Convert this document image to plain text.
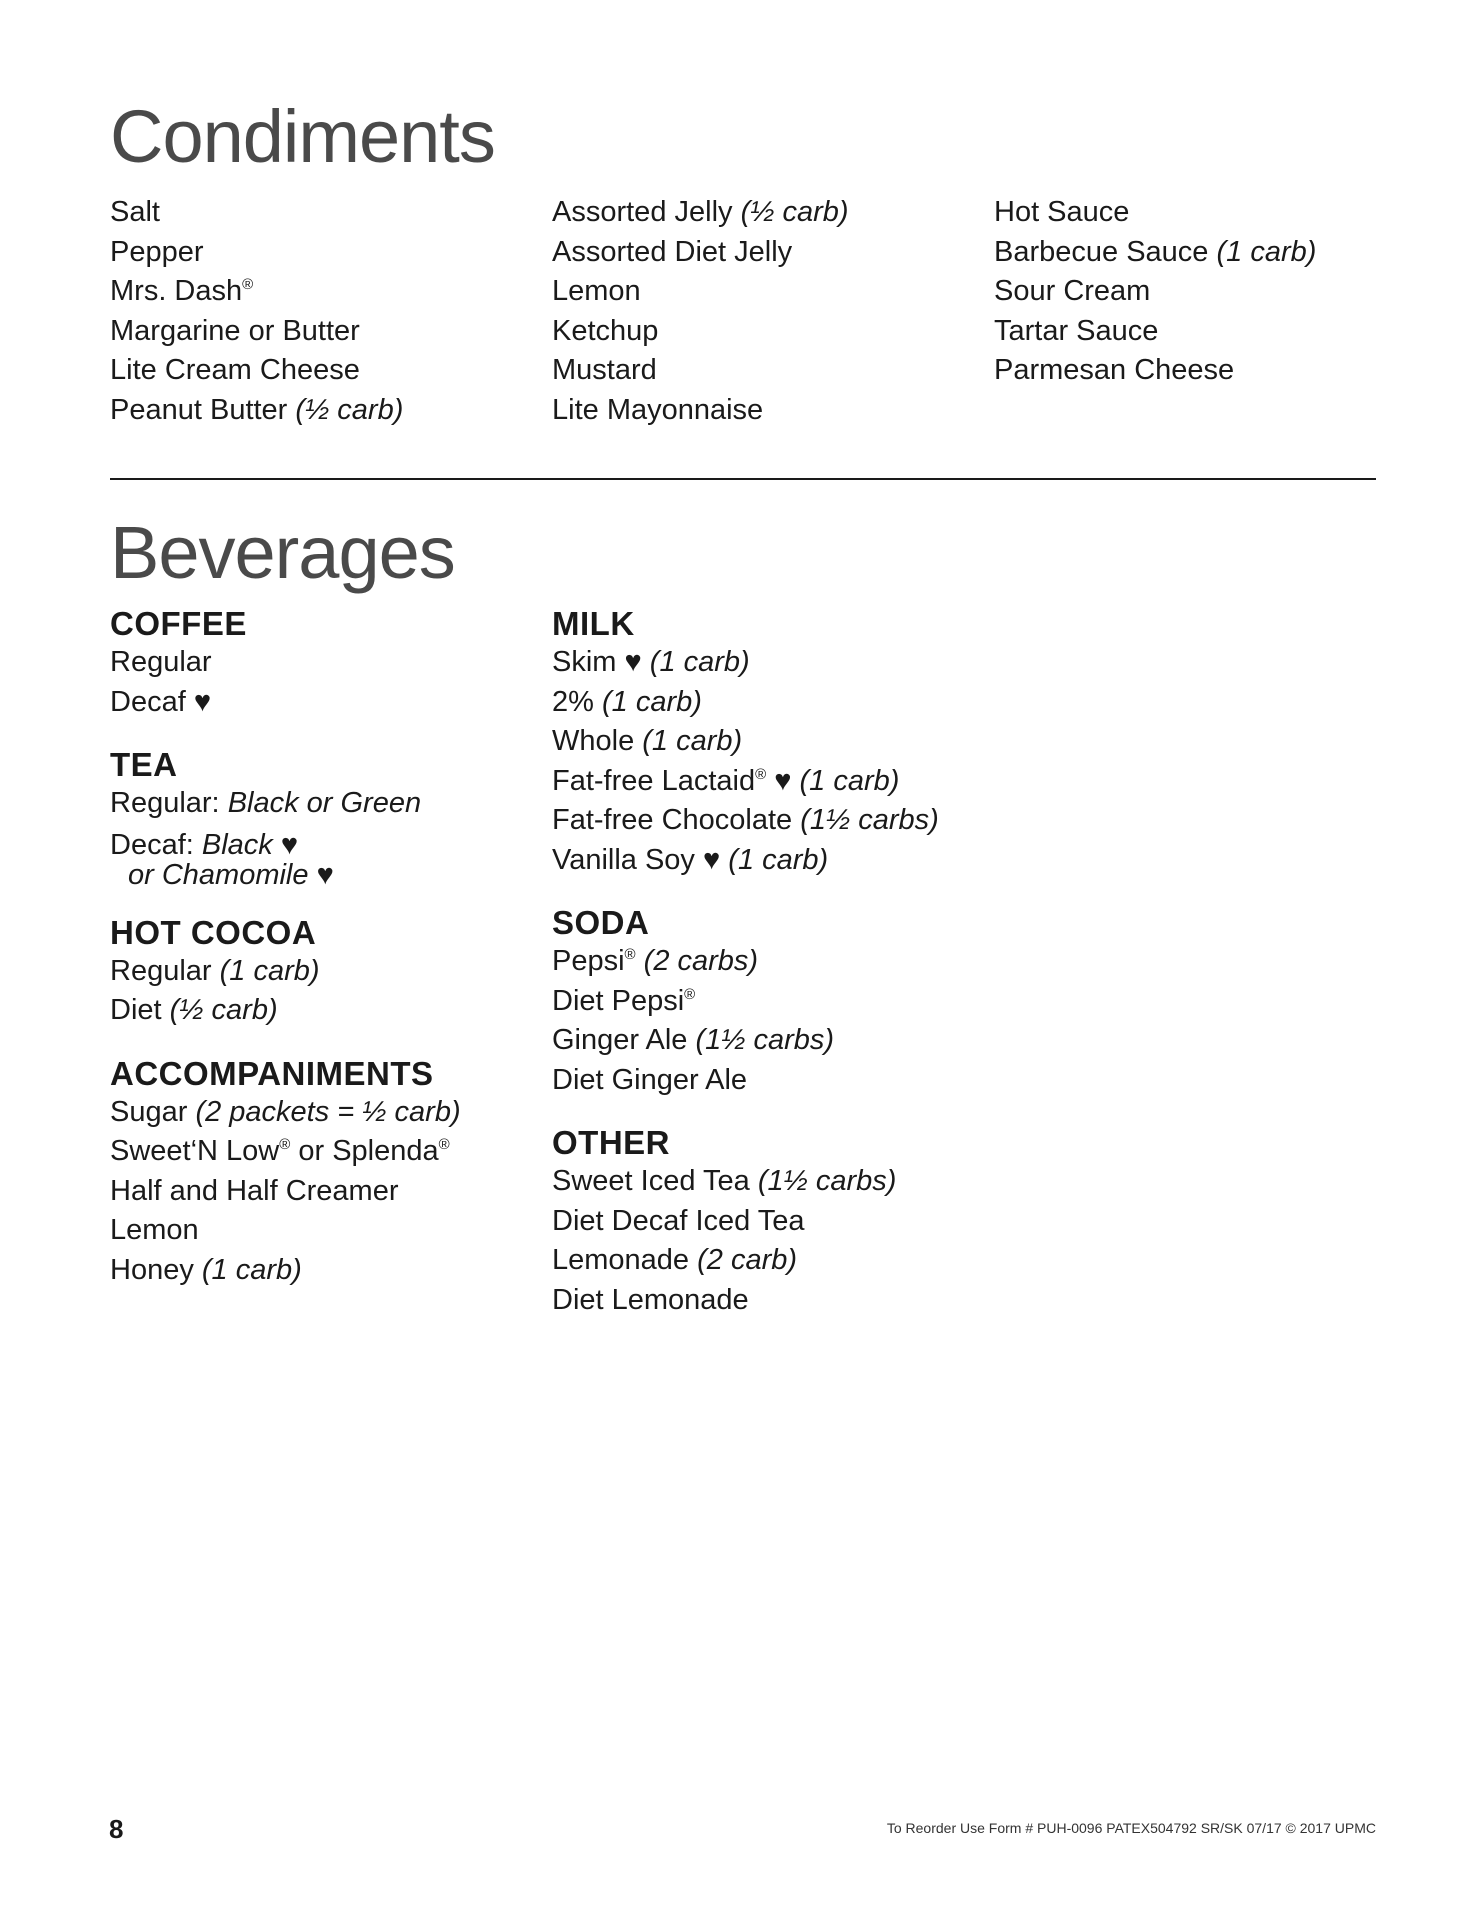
Condiments
Salt
Pepper
Mrs. Dash®
Margarine or Butter
Lite Cream Cheese
Peanut Butter (½ carb)
Assorted Jelly (½ carb)
Assorted Diet Jelly
Lemon
Ketchup
Mustard
Lite Mayonnaise
Hot Sauce
Barbecue Sauce (1 carb)
Sour Cream
Tartar Sauce
Parmesan Cheese
Beverages
COFFEE
Regular
Decaf ♥
TEA
Regular: Black or Green
Decaf: Black ♥
or Chamomile ♥
HOT COCOA
Regular (1 carb)
Diet (½ carb)
ACCOMPANIMENTS
Sugar (2 packets = ½ carb)
Sweet‘N Low® or Splenda®
Half and Half Creamer
Lemon
Honey (1 carb)
MILK
Skim ♥ (1 carb)
2% (1 carb)
Whole (1 carb)
Fat-free Lactaid® ♥ (1 carb)
Fat-free Chocolate (1½ carbs)
Vanilla Soy ♥ (1 carb)
SODA
Pepsi® (2 carbs)
Diet Pepsi®
Ginger Ale (1½ carbs)
Diet Ginger Ale
OTHER
Sweet Iced Tea (1½ carbs)
Diet Decaf Iced Tea
Lemonade (2 carb)
Diet Lemonade
8	To Reorder Use Form # PUH-0096 PATEX504792 SR/SK 07/17 © 2017 UPMC
